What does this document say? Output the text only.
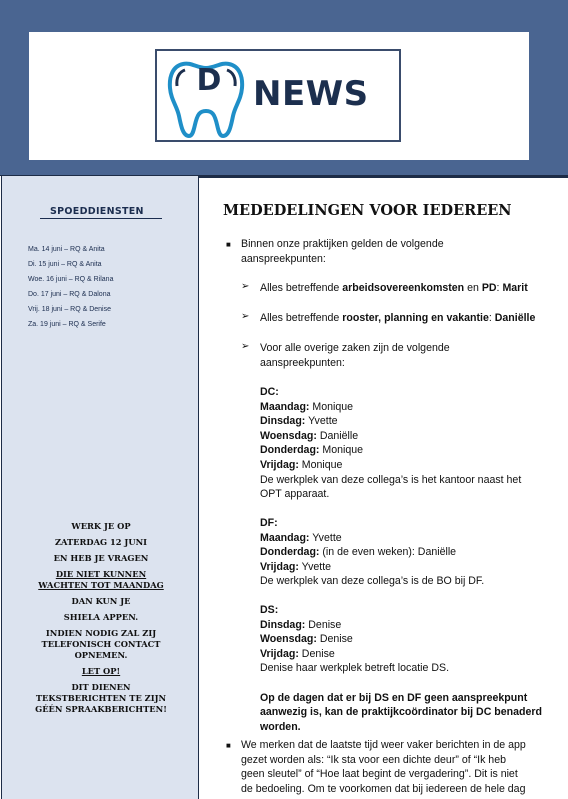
D NEWS
SPOEDDIENSTEN
Ma. 14 juni – RQ & Anita
Di. 15 juni – RQ & Anita
Woe. 16 juni – RQ & Rilana
Do. 17 juni – RQ & Dalona
Vrij. 18 juni – RQ & Denise
Za. 19 juni – RQ & Serife

WERK JE OP

ZATERDAG 12 JUNI

EN HEB JE VRAGEN

DIE NIET KUNNEN

WACHTEN TOT MAANDAG

DAN KUN JE

SHIELA APPEN.

INDIEN NODIG ZAL ZIJ
TELEFONISCH CONTACT

OPNEMEN.

LET OP!

DIT DIENEN
TEKSTBERICHTEN TE ZIJN
GÉÉN SPRAAKBERICHTEN!
MEDEDELINGEN VOOR IEDEREEN
■ Binnen onze praktijken gelden de volgende
aanspreekpunten:
➢ Alles betreffende arbeidsovereenkomsten en PD: Marit
➢ Alles betreffende rooster, planning en vakantie: Daniëlle
➢ Voor alle overige zaken zijn de volgende
aanspreekpunten:
DC:
Maandag: Monique
Dinsdag: Yvette
Woensdag: Daniëlle
Donderdag: Monique
Vrijdag: Monique
De werkplek van deze collega’s is het kantoor naast het
OPT apparaat.
DF:
Maandag: Yvette
Donderdag: (in de even weken): Daniëlle
Vrijdag: Yvette
De werkplek van deze collega’s is de BO bij DF.
DS:
Dinsdag: Denise
Woensdag: Denise
Vrijdag: Denise
Denise haar werkplek betreft locatie DS.
Op de dagen dat er bij DS en DF geen aanspreekpunt
aanwezig is, kan de praktijkcoördinator bij DC benaderd
worden.
■ We merken dat de laatste tijd weer vaker berichten in de app
gezet worden als: “Ik sta voor een dichte deur” of “Ik heb
geen sleutel” of “Hoe laat begint de vergadering”. Dit is niet
de bedoeling. Om te voorkomen dat bij iedereen de hele dag
